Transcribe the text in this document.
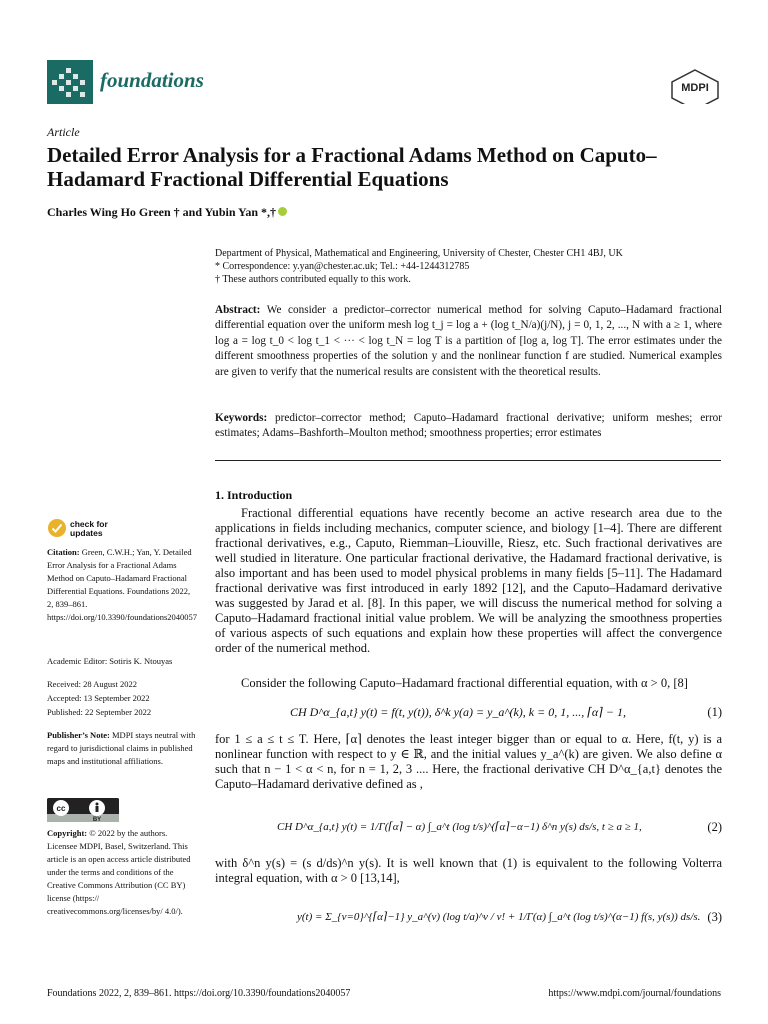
foundations	MDPI
Article
Detailed Error Analysis for a Fractional Adams Method on Caputo–Hadamard Fractional Differential Equations
Charles Wing Ho Green † and Yubin Yan *,†
Department of Physical, Mathematical and Engineering, University of Chester, Chester CH1 4BJ, UK
* Correspondence: y.yan@chester.ac.uk; Tel.: +44-1244312785
† These authors contributed equally to this work.
Abstract: We consider a predictor–corrector numerical method for solving Caputo–Hadamard fractional differential equation over the uniform mesh log t_j = log a + (log t_N/a)(j/N), j = 0, 1, 2, ..., N with a ≥ 1, where log a = log t_0 < log t_1 < ··· < log t_N = log T is a partition of [log a, log T]. The error estimates under the different smoothness properties of the solution y and the nonlinear function f are studied. Numerical examples are given to verify that the numerical results are consistent with the theoretical results.
Keywords: predictor–corrector method; Caputo–Hadamard fractional derivative; uniform meshes; error estimates; Adams–Bashforth–Moulton method; smoothness properties; error estimates
1. Introduction
Fractional differential equations have recently become an active research area due to the applications in fields including mechanics, computer science, and biology [1–4]. There are different fractional derivatives, e.g., Caputo, Riemman–Liouville, Riesz, etc. Such fractional derivatives are well studied in literature. One particular fractional derivative, the Hadamard fractional derivative, is also important and has been used to model physical problems in many fields [5–11]. The Hadamard fractional derivative was first introduced in early 1892 [12], and the Caputo–Hadamard derivative was suggested by Jarad et al. [8]. In this paper, we will discuss the numerical method for solving a Caputo–Hadamard fractional initial value problem. We will be analyzing the smoothness properties of various aspects of such equations and explain how these properties will affect the convergence order of the numerical method.
Consider the following Caputo–Hadamard fractional differential equation, with α > 0, [8]
CH D^α_{a,t} y(t) = f(t, y(t)), δ^k y(a) = y_a^(k), k = 0, 1, ..., ⌈α⌉ − 1,	(1)
for 1 ≤ a ≤ t ≤ T. Here, ⌈α⌉ denotes the least integer bigger than or equal to α. Here, f(t, y) is a nonlinear function with respect to y ∈ ℝ, and the initial values y_a^(k) are given. We also define α such that n − 1 < α < n, for n = 1, 2, 3 .... Here, the fractional derivative CH D^α_{a,t} denotes the Caputo–Hadamard derivative defined as ,
CH D^α_{a,t} y(t) = 1/Γ(⌈α⌉ − α) ∫_a^t (log t/s)^(⌈α⌉−α−1) δ^n y(s) ds/s, t ≥ a ≥ 1,	(2)
with δ^n y(s) = (s d/ds)^n y(s). It is well known that (1) is equivalent to the following Volterra integral equation, with α > 0 [13,14],
y(t) = Σ_{ν=0}^{⌈α⌉−1} y_a^(ν) (log t/a)^ν / ν! + 1/Γ(α) ∫_a^t (log t/s)^(α−1) f(s, y(s)) ds/s. (3)
check for
updates
Citation: Green, C.W.H.; Yan, Y. Detailed Error Analysis for a Fractional Adams Method on Caputo–Hadamard Fractional Differential Equations. Foundations 2022, 2, 839–861. https://doi.org/10.3390/foundations2040057
Academic Editor: Sotiris K. Ntouyas
Received: 28 August 2022
Accepted: 13 September 2022
Published: 22 September 2022
Publisher’s Note: MDPI stays neutral with regard to jurisdictional claims in published maps and institutional affiliations.
cc
BY
Copyright: © 2022 by the authors. Licensee MDPI, Basel, Switzerland. This article is an open access article distributed under the terms and conditions of the Creative Commons Attribution (CC BY) license (https:// creativecommons.org/licenses/by/ 4.0/).
Foundations 2022, 2, 839–861. https://doi.org/10.3390/foundations2040057	https://www.mdpi.com/journal/foundations
